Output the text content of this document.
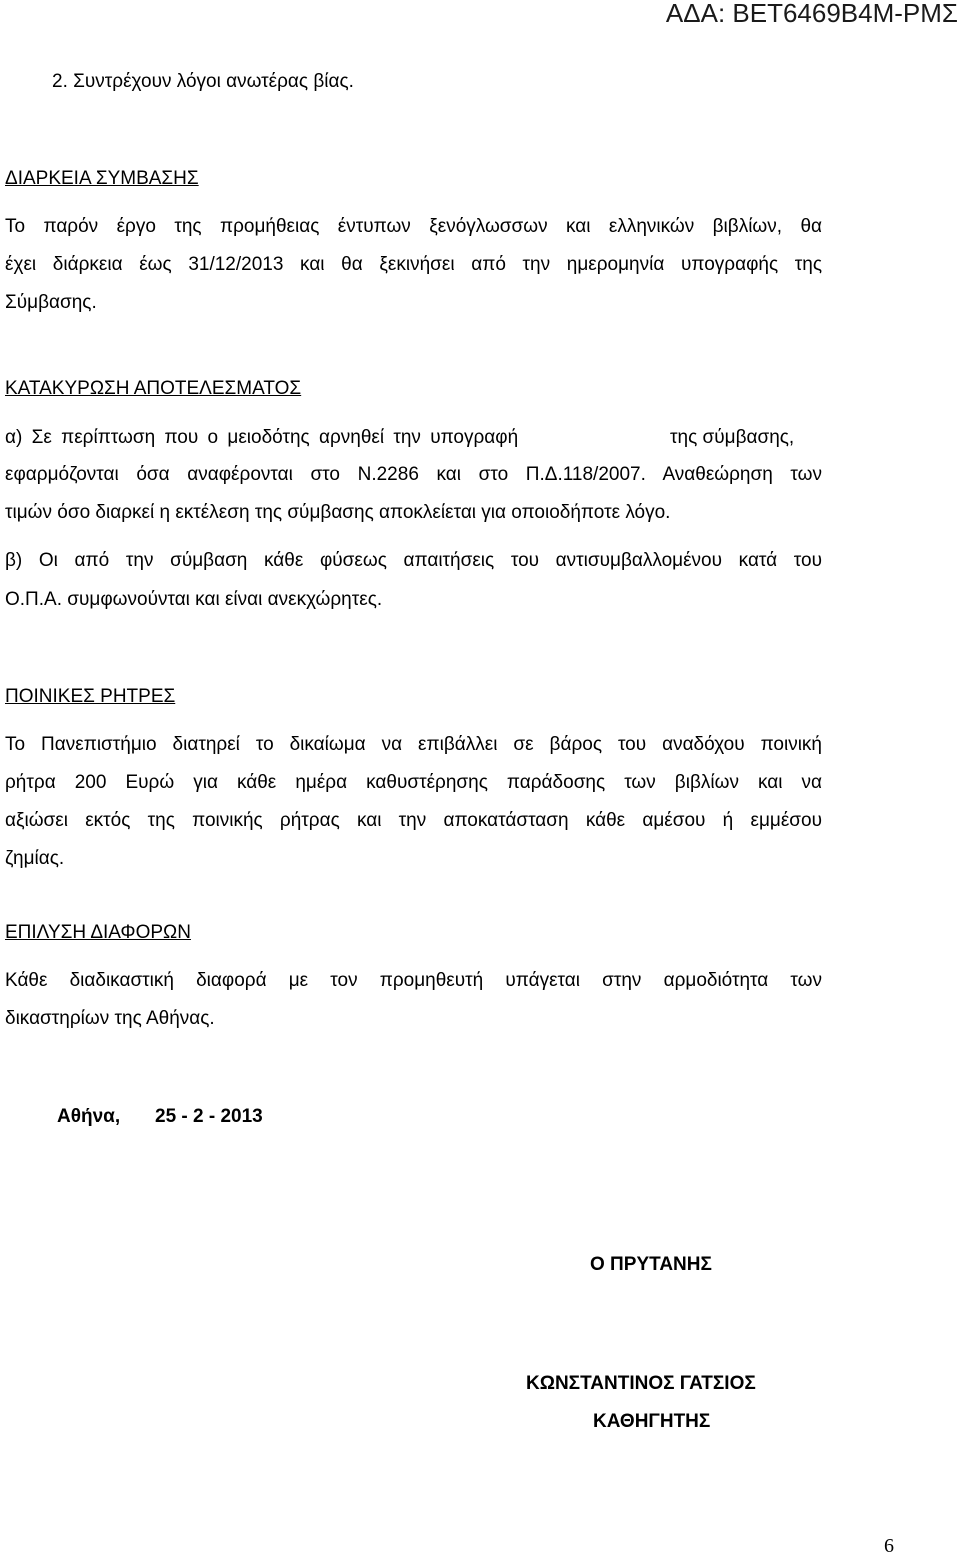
ΑΔΑ: ΒΕΤ6469Β4Μ-ΡΜΣ
2. Συντρέχουν λόγοι ανωτέρας βίας.
ΔΙΑΡΚΕΙΑ ΣΥΜΒΑΣΗΣ
Το παρόν έργο της προμήθειας έντυπων ξενόγλωσσων και ελληνικών βιβλίων, θα
έχει διάρκεια έως 31/12/2013 και θα ξεκινήσει από την ημερομηνία υπογραφής της
Σύμβασης.
ΚΑΤΑΚΥΡΩΣΗ ΑΠΟΤΕΛΕΣΜΑΤΟΣ
α) Σε περίπτωση που ο μειοδότης αρνηθεί την υπογραφή	της σύμβασης,
εφαρμόζονται όσα αναφέρονται στο Ν.2286 και στο Π.Δ.118/2007. Αναθεώρηση των
τιμών όσο διαρκεί η εκτέλεση της σύμβασης αποκλείεται για οποιοδήποτε λόγο.
β) Οι από την σύμβαση κάθε φύσεως απαιτήσεις του αντισυμβαλλομένου κατά του
Ο.Π.Α. συμφωνούνται και είναι ανεκχώρητες.
ΠΟΙΝΙΚΕΣ ΡΗΤΡΕΣ
Το Πανεπιστήμιο διατηρεί το δικαίωμα να επιβάλλει σε βάρος του αναδόχου ποινική
ρήτρα 200 Ευρώ για κάθε ημέρα καθυστέρησης παράδοσης των βιβλίων και να
αξιώσει εκτός της ποινικής ρήτρας και την αποκατάσταση κάθε αμέσου ή εμμέσου
ζημίας.
ΕΠΙΛΥΣΗ ΔΙΑΦΟΡΩΝ
Κάθε διαδικαστική διαφορά με τον προμηθευτή υπάγεται στην αρμοδιότητα των
δικαστηρίων της Αθήνας.
Αθήνα, 25 - 2 - 2013
Ο ΠΡΥΤΑΝΗΣ
ΚΩΝΣΤΑΝΤΙΝΟΣ ΓΑΤΣΙΟΣ
ΚΑΘΗΓΗΤΗΣ
6
